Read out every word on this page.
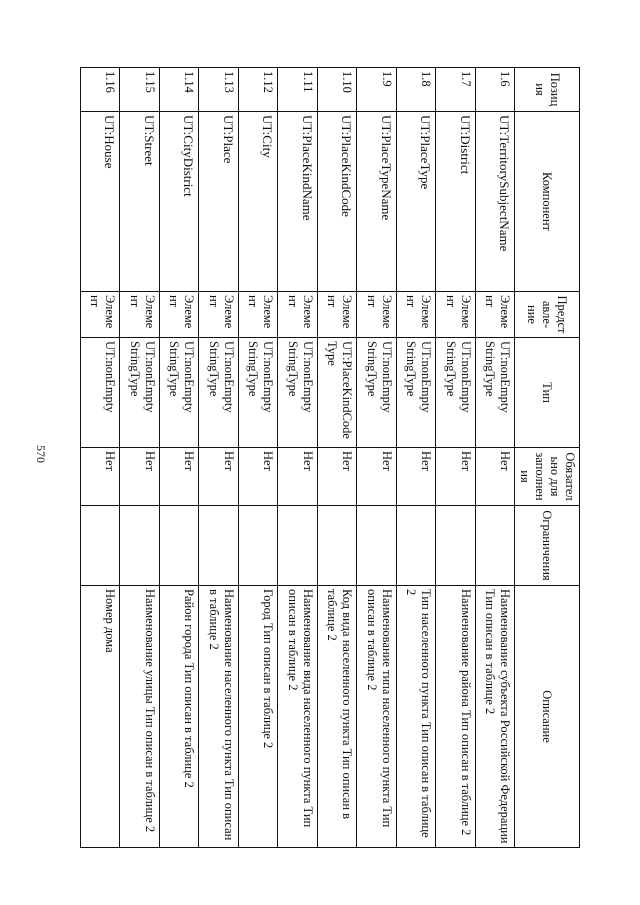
570
Позиция	Компонент	Представле-ние	Тип	Обязательно для заполнения	Ограничения	Описание
1.6	UT:TerritorySubjectName	Элемент	UT:nonEmpty StringType	Нет		Наименование субъекта Российской Федерации Тип описан в таблице 2
1.7	UT:District	Элемент	UT:nonEmpty StringType	Нет		Наименование района Тип описан в таблице 2
1.8	UT:PlaceType	Элемент	UT:nonEmpty StringType	Нет		Тип населенного пункта Тип описан в таблице 2
1.9	UT:PlaceTypeName	Элемент	UT:nonEmpty StringType	Нет		Наименование типа населенного пункта Тип описан в таблице 2
1.10	UT:PlaceKindCode	Элемент	UT:PlaceKindCode Type	Нет		Код вида населенного пункта Тип описан в таблице 2
1.11	UT:PlaceKindName	Элемент	UT:nonEmpty StringType	Нет		Наименование вида населенного пункта Тип описан в таблице 2
1.12	UT:City	Элемент	UT:nonEmpty StringType	Нет		Город Тип описан в таблице 2
1.13	UT:Place	Элемент	UT:nonEmpty StringType	Нет		Наименование населенного пункта Тип описан в таблице 2
1.14	UT:CityDistrict	Элемент	UT:nonEmpty StringType	Нет		Район города Тип описан в таблице 2
1.15	UT:Street	Элемент	UT:nonEmpty StringType	Нет		Наименование улицы Тип описан в таблице 2
1.16	UT:House	Элемент	UT:nonEmpty	Нет		Номер дома
